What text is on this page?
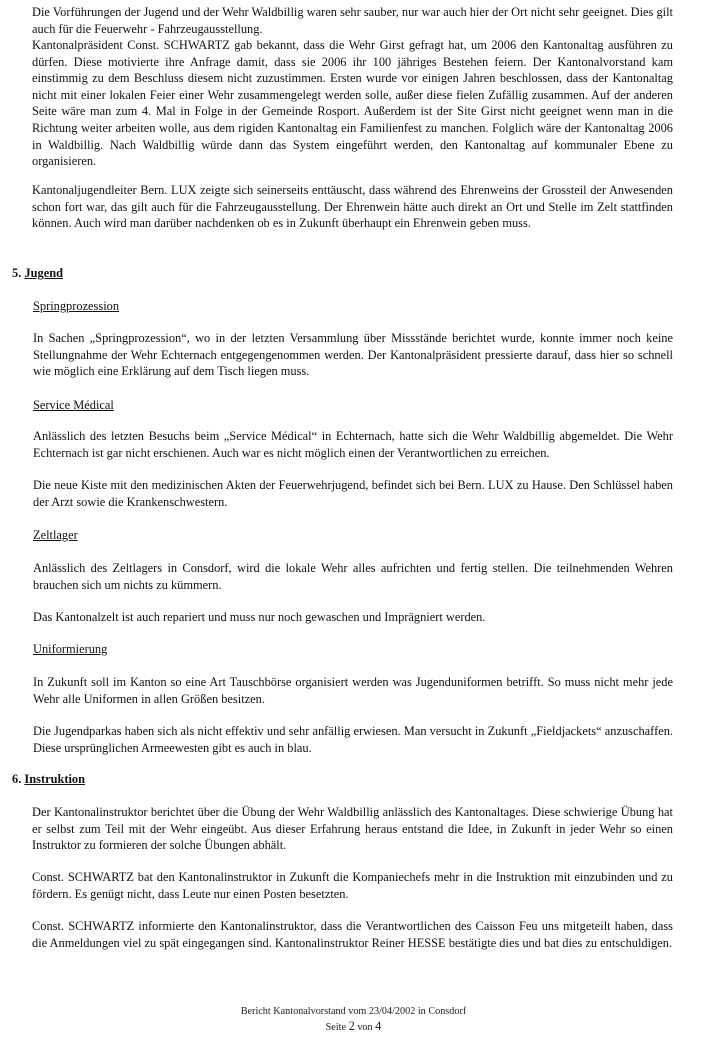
Die Vorführungen der Jugend und der Wehr Waldbillig waren sehr sauber, nur war auch hier der Ort nicht sehr geeignet. Dies gilt auch für die Feuerwehr - Fahrzeugausstellung.

Kantonalpräsident Const. SCHWARTZ gab bekannt, dass die Wehr Girst gefragt hat, um 2006 den Kantonaltag ausführen zu dürfen. Diese motivierte ihre Anfrage damit, dass sie 2006 ihr 100 jähriges Bestehen feiern. Der Kantonalvorstand kam einstimmig zu dem Beschluss diesem nicht zuzustimmen. Ersten wurde vor einigen Jahren beschlossen, dass der Kantonaltag nicht mit einer lokalen Feier einer Wehr zusammengelegt werden solle, außer diese fielen Zufällig zusammen. Auf der anderen Seite wäre man zum 4. Mal in Folge in der Gemeinde Rosport. Außerdem ist der Site Girst nicht geeignet wenn man in die Richtung weiter arbeiten wolle, aus dem rigiden Kantonaltag ein Familienfest zu manchen. Folglich wäre der Kantonaltag 2006 in Waldbillig. Nach Waldbillig würde dann das System eingeführt werden, den Kantonaltag auf kommunaler Ebene zu organisieren.

Kantonaljugendleiter Bern. LUX zeigte sich seinerseits enttäuscht, dass während des Ehrenweins der Grossteil der Anwesenden schon fort war, das gilt auch für die Fahrzeugausstellung. Der Ehrenwein hätte auch direkt an Ort und Stelle im Zelt stattfinden können. Auch wird man darüber nachdenken ob es in Zukunft überhaupt ein Ehrenwein geben muss.

5. Jugend
Springprozession

In Sachen „Springprozession“, wo in der letzten Versammlung über Missstände berichtet wurde, konnte immer noch keine Stellungnahme der Wehr Echternach entgegengenommen werden. Der Kantonalpräsident pressierte darauf, dass hier so schnell wie möglich eine Erklärung auf dem Tisch liegen muss.

Service Médical

Anlässlich des letzten Besuchs beim „Service Médical“ in Echternach, hatte sich die Wehr Waldbillig abgemeldet. Die Wehr Echternach ist gar nicht erschienen. Auch war es nicht möglich einen der Verantwortlichen zu erreichen.

Die neue Kiste mit den medizinischen Akten der Feuerwehrjugend, befindet sich bei Bern. LUX zu Hause. Den Schlüssel haben der Arzt sowie die Krankenschwestern.

Zeltlager

Anlässlich des Zeltlagers in Consdorf, wird die lokale Wehr alles aufrichten und fertig stellen. Die teilnehmenden Wehren brauchen sich um nichts zu kümmern.

Das Kantonalzelt ist auch repariert und muss nur noch gewaschen und Imprägniert werden.

Uniformierung

In Zukunft soll im Kanton so eine Art Tauschbörse organisiert werden was Jugenduniformen betrifft. So muss nicht mehr jede Wehr alle Uniformen in allen Größen besitzen.

Die Jugendparkas haben sich als nicht effektiv und sehr anfällig erwiesen. Man versucht in Zukunft „Fieldjackets“ anzuschaffen. Diese ursprünglichen Armeewesten gibt es auch in blau.

6. Instruktion

Der Kantonalinstruktor berichtet über die Übung der Wehr Waldbillig anlässlich des Kantonaltages. Diese schwierige Übung hat er selbst zum Teil mit der Wehr eingeübt. Aus dieser Erfahrung heraus entstand die Idee, in Zukunft in jeder Wehr so einen Instruktor zu formieren der solche Übungen abhält.

Const. SCHWARTZ bat den Kantonalinstruktor in Zukunft die Kompaniechefs mehr in die Instruktion mit einzubinden und zu fördern. Es genügt nicht, dass Leute nur einen Posten besetzten.

Const. SCHWARTZ informierte den Kantonalinstruktor, dass die Verantwortlichen des Caisson Feu uns mitgeteilt haben, dass die Anmeldungen viel zu spät eingegangen sind. Kantonalinstruktor Reiner HESSE bestätigte dies und bat dies zu entschuldigen.

Bericht Kantonalvorstand vom 23/04/2002 in Consdorf
Seite 2 von 4
